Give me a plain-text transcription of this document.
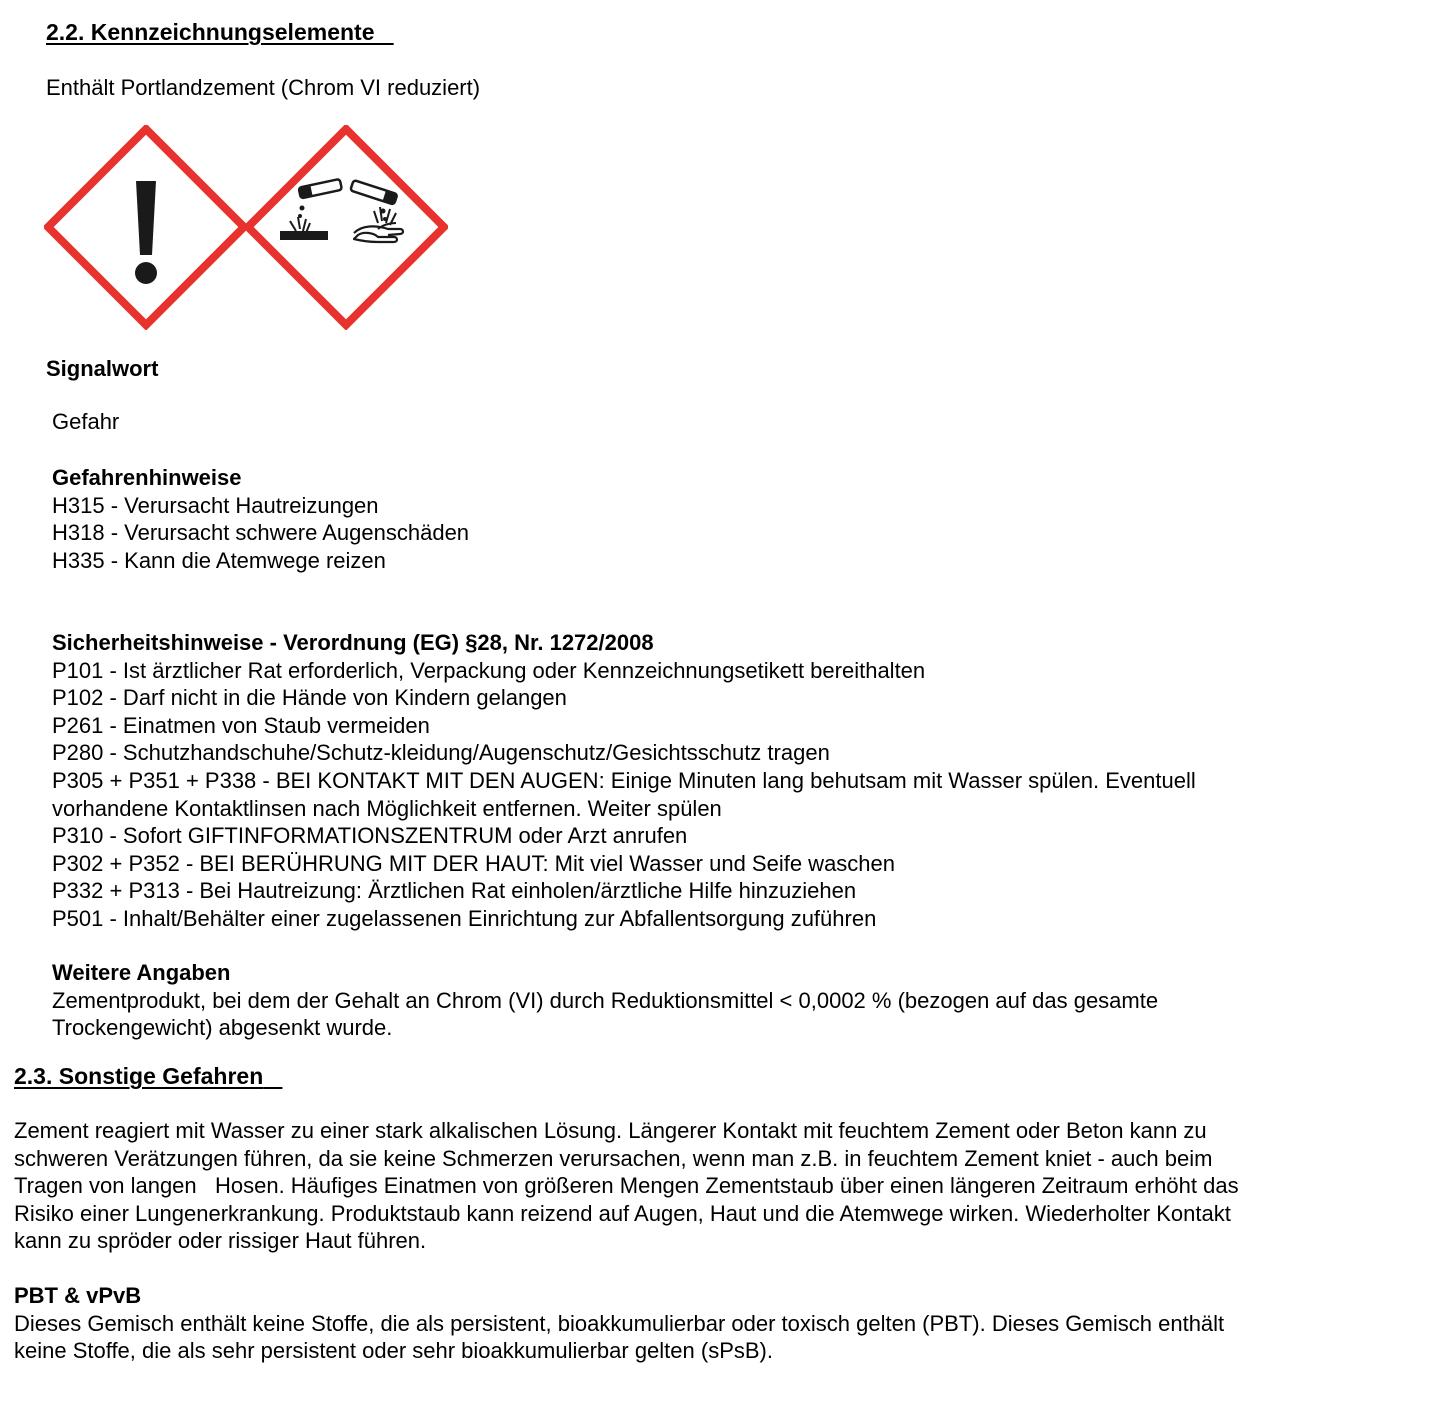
2.2. Kennzeichnungselemente
Enthält Portlandzement (Chrom VI reduziert)
Signalwort
Gefahr
Gefahrenhinweise
H315 - Verursacht Hautreizungen
H318 - Verursacht schwere Augenschäden
H335 - Kann die Atemwege reizen
Sicherheitshinweise - Verordnung (EG) §28, Nr. 1272/2008
P101 - Ist ärztlicher Rat erforderlich, Verpackung oder Kennzeichnungsetikett bereithalten
P102 - Darf nicht in die Hände von Kindern gelangen
P261 - Einatmen von Staub vermeiden
P280 - Schutzhandschuhe/Schutz-kleidung/Augenschutz/Gesichtsschutz tragen
P305 + P351 + P338 - BEI KONTAKT MIT DEN AUGEN: Einige Minuten lang behutsam mit Wasser spülen. Eventuell
vorhandene Kontaktlinsen nach Möglichkeit entfernen. Weiter spülen
P310 - Sofort GIFTINFORMATIONSZENTRUM oder Arzt anrufen
P302 + P352 - BEI BERÜHRUNG MIT DER HAUT: Mit viel Wasser und Seife waschen
P332 + P313 - Bei Hautreizung: Ärztlichen Rat einholen/ärztliche Hilfe hinzuziehen
P501 - Inhalt/Behälter einer zugelassenen Einrichtung zur Abfallentsorgung zuführen
Weitere Angaben
Zementprodukt, bei dem der Gehalt an Chrom (VI) durch Reduktionsmittel < 0,0002 % (bezogen auf das gesamte
Trockengewicht) abgesenkt wurde.
2.3. Sonstige Gefahren
Zement reagiert mit Wasser zu einer stark alkalischen Lösung. Längerer Kontakt mit feuchtem Zement oder Beton kann zu
schweren Verätzungen führen, da sie keine Schmerzen verursachen, wenn man z.B. in feuchtem Zement kniet - auch beim
Tragen von langen   Hosen. Häufiges Einatmen von größeren Mengen Zementstaub über einen längeren Zeitraum erhöht das
Risiko einer Lungenerkrankung. Produktstaub kann reizend auf Augen, Haut und die Atemwege wirken. Wiederholter Kontakt
kann zu spröder oder rissiger Haut führen.
PBT & vPvB
Dieses Gemisch enthält keine Stoffe, die als persistent, bioakkumulierbar oder toxisch gelten (PBT). Dieses Gemisch enthält
keine Stoffe, die als sehr persistent oder sehr bioakkumulierbar gelten (sPsB).
